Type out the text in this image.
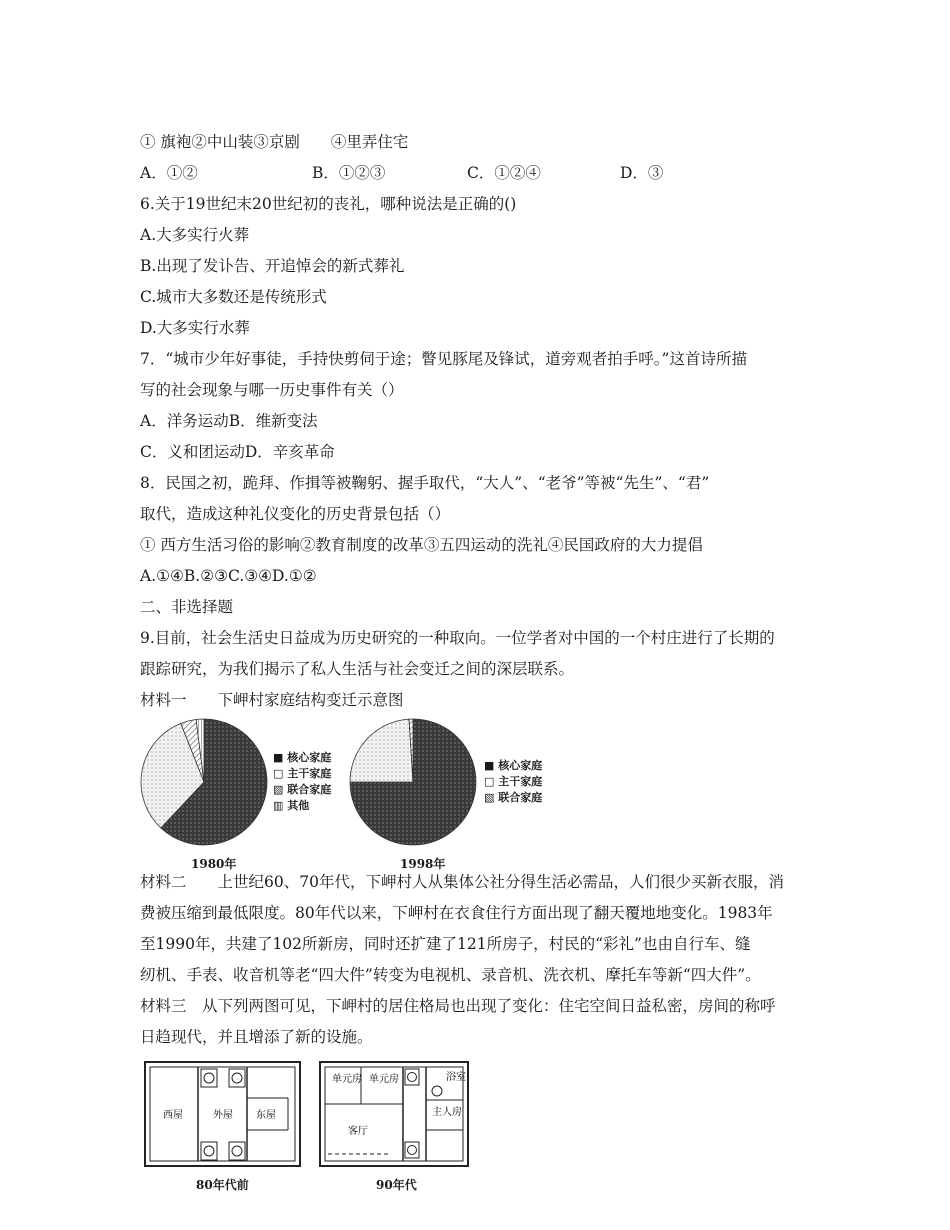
① 旗袍②中山装③京剧　　④里弄住宅
A．①②	B．①②③	C．①②④	D．③
6.关于19世纪末20世纪初的丧礼，哪种说法是正确的()
A.大多实行火葬
B.出现了发讣告、开追悼会的新式葬礼
C.城市大多数还是传统形式
D.大多实行水葬
7．“城市少年好事徒，手持快剪伺于途；瞥见豚尾及锋试，道旁观者拍手呼。”这首诗所描
写的社会现象与哪一历史事件有关（）
A．洋务运动B．维新变法
C．义和团运动D．辛亥革命
8．民国之初，跪拜、作揖等被鞠躬、握手取代，“大人”、“老爷”等被“先生”、“君”
取代，造成这种礼仪变化的历史背景包括（）
① 西方生活习俗的影响②教育制度的改革③五四运动的洗礼④民国政府的大力提倡
A.①④B.②③C.③④D.①②
二、非选择题
9.目前，社会生活史日益成为历史研究的一种取向。一位学者对中国的一个村庄进行了长期的
跟踪研究，为我们揭示了私人生活与社会变迁之间的深层联系。
材料一　　下岬村家庭结构变迁示意图
■ 核心家庭
□ 主干家庭
▧ 联合家庭
▥ 其他
■ 核心家庭
□ 主干家庭
▧ 联合家庭
1980年	1998年
材料二　　上世纪60、70年代，下岬村人从集体公社分得生活必需品，人们很少买新衣服，消
费被压缩到最低限度。80年代以来，下岬村在衣食住行方面出现了翻天覆地地变化。1983年
至1990年，共建了102所新房，同时还扩建了121所房子，村民的“彩礼”也由自行车、缝
纫机、手表、收音机等老“四大件”转变为电视机、录音机、洗衣机、摩托车等新“四大件”。
材料三　从下列两图可见，下岬村的居住格局也出现了变化：住宅空间日益私密，房间的称呼
日趋现代，并且增添了新的设施。
西屋	外屋 东屋
单元房 单元房
客厅
浴室
主人房
80年代前	90年代
